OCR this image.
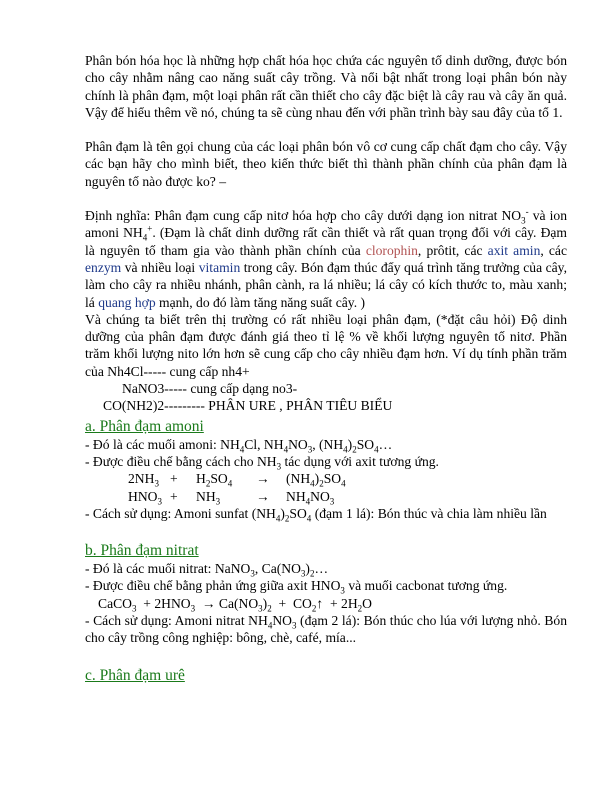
Phân bón hóa học là những hợp chất hóa học chứa các nguyên tố dinh dưỡng, được bón cho cây nhằm nâng cao năng suất cây trồng. Và nổi bật nhất trong loại phân bón này chính là phân đạm, một loại phân rất cần thiết cho cây đặc biệt là cây rau và cây ăn quả. Vậy để hiểu thêm về nó, chúng ta sẽ cùng nhau đến với phần trình bày sau đây của tổ 1.

Phân đạm là tên gọi chung của các loại phân bón vô cơ cung cấp chất đạm cho cây. Vậy các bạn hãy cho mình biết, theo kiến thức biết thì thành phần chính của phân đạm là nguyên tố nào được ko? –

Định nghĩa: Phân đạm cung cấp nitơ hóa hợp cho cây dưới dạng ion nitrat $NO_3^-$ và ion amoni $NH_4^+$. (Đạm là chất dinh dưỡng rất cần thiết và rất quan trọng đối với cây. Đạm là nguyên tố tham gia vào thành phần chính của clorophin, prôtit, các axit amin, các enzym và nhiều loại vitamin trong cây. Bón đạm thúc đẩy quá trình tăng trưởng của cây, làm cho cây ra nhiều nhánh, phân cành, ra lá nhiều; lá cây có kích thước to, màu xanh; lá quang hợp mạnh, do đó làm tăng năng suất cây. )

Và chúng ta biết trên thị trường có rất nhiều loại phân đạm, (*đặt câu hỏi) Độ dinh dưỡng của phân đạm được đánh giá theo tỉ lệ % về khối lượng nguyên tố nitơ. Phần trăm khối lượng nito lớn hơn sẽ cung cấp cho cây nhiều đạm hơn. Ví dụ tính phần trăm của Nh4Cl----- cung cấp nh4+

NaNO3----- cung cấp dạng no3-
CO(NH2)2--------- PHÂN URE , PHÂN TIÊU BIỂU
a. Phân đạm amoni
- Đó là các muối amoni: $NH_4Cl$, $NH_4NO_3$, $(NH_4)_2SO_4\dots$
- Được điều chế bằng cách cho $NH_3$ tác dụng với axit tương ứng.
$2NH_3 + H_2SO_4 \to (NH_4)_2SO_4$
$HNO_3 + NH_3$	→ $NH_4NO_3$

- Cách sử dụng: Amoni sunfat $(NH_4)_2SO_4$ (đạm 1 lá): Bón thúc và chia làm nhiều lần

b. Phân đạm nitrat
- Đó là các muối nitrat: NaNO$_3$, $Ca(NO_3)_2\dots$
- Được điều chế bằng phản ứng giữa axit $HNO_3$ và muối cacbonat tương ứng.
CaCO$_3$  + $2HNO_3 \to Ca(NO_3)_2$  +  $CO_2↑ + 2H_2O$

- Cách sử dụng: Amoni nitrat $NH_4NO_3$ (đạm 2 lá): Bón thúc cho lúa với lượng nhỏ. Bón cho cây trồng công nghiệp: bông, chè, café, mía...

c. Phân đạm urê
